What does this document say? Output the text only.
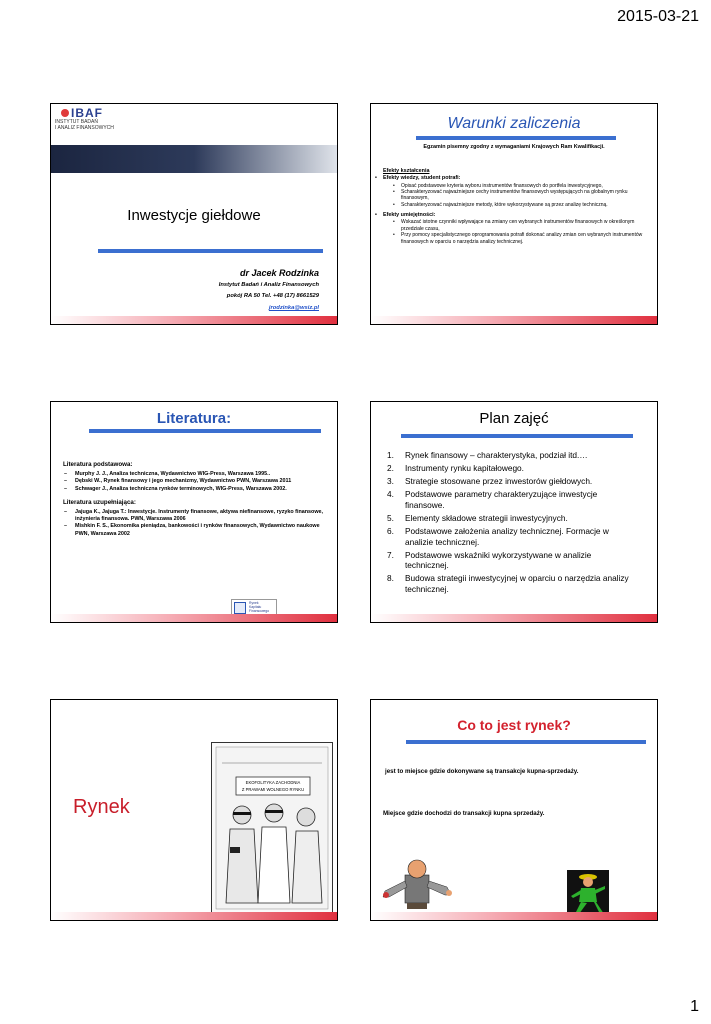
2015-03-21
IBAF
INSTYTUT BADAŃ
I ANALIZ FINANSOWYCH
Inwestycje giełdowe
dr Jacek Rodzinka
Instytut Badań i Analiz Finansowych
pokój RA 50 Tel. +48 (17) 8661529
jrodzinka@wsiz.pl
Warunki zaliczenia
Egzamin pisemny zgodny z wymaganiami Krajowych Ram Kwalifikacji.
Efekty kształcenia
• Efekty wiedzy, student potrafi:
• Opisać podstawowe kryteria wyboru instrumentów finansowych do portfela inwestycyjnego,
• Scharakteryzować najważniejsze cechy instrumentów finansowych występujących na globalnym rynku finansowym,
• Scharakteryzować najważniejsze metody, które wykorzystywane są przez analizę techniczną.
• Efekty umiejętności:
• Wskazać istotne czynniki wpływające na zmiany cen wybranych instrumentów finansowych w określonym przedziale czasu,
• Przy pomocy specjalistycznego oprogramowania potrafi dokonać analizy zmian cen wybranych instrumentów finansowych w oparciu o narzędzia analizy technicznej.
Literatura:
Literatura podstawowa:
– Murphy J. J., Analiza techniczna, Wydawnictwo WIG-Press, Warszawa 1995..
– Dębski W., Rynek finansowy i jego mechanizmy, Wydawnictwo PWN, Warszawa 2011
– Schwager J., Analiza techniczna rynków terminowych, WIG-Press, Warszawa 2002.
Literatura uzupełniająca:
– Jajuga K., Jajuga T.: Inwestycje. Instrumenty finansowe, aktywa niefinansowe, ryzyko finansowe, inżynieria finansowa. PWN, Warszawa 2006
– Mishkin F. S., Ekonomika pieniądza, bankowości i rynków finansowych, Wydawnictwo naukowe PWN, Warszawa 2002
Rynek
Kapitału
Finansowego
Plan zajęć
1. Rynek finansowy – charakterystyka, podział itd.…
2. Instrumenty rynku kapitałowego.
3. Strategie stosowane przez inwestorów giełdowych.
4. Podstawowe parametry charakteryzujące inwestycje finansowe.
5. Elementy składowe strategii inwestycyjnych.
6. Podstawowe założenia analizy technicznej. Formacje w analizie technicznej.
7. Podstawowe wskaźniki wykorzystywane w analizie technicznej.
8. Budowa strategii inwestycyjnej w oparciu o narzędzia analizy technicznej.
Rynek
EKOFOLITYKA ZACHODNIA
Z PRAWAMI WOLNEGO RYNKU
Co to jest rynek?
jest to miejsce gdzie dokonywane są transakcje kupna-sprzedaży.
Miejsce gdzie dochodzi do transakcji kupna sprzedaży.
1
